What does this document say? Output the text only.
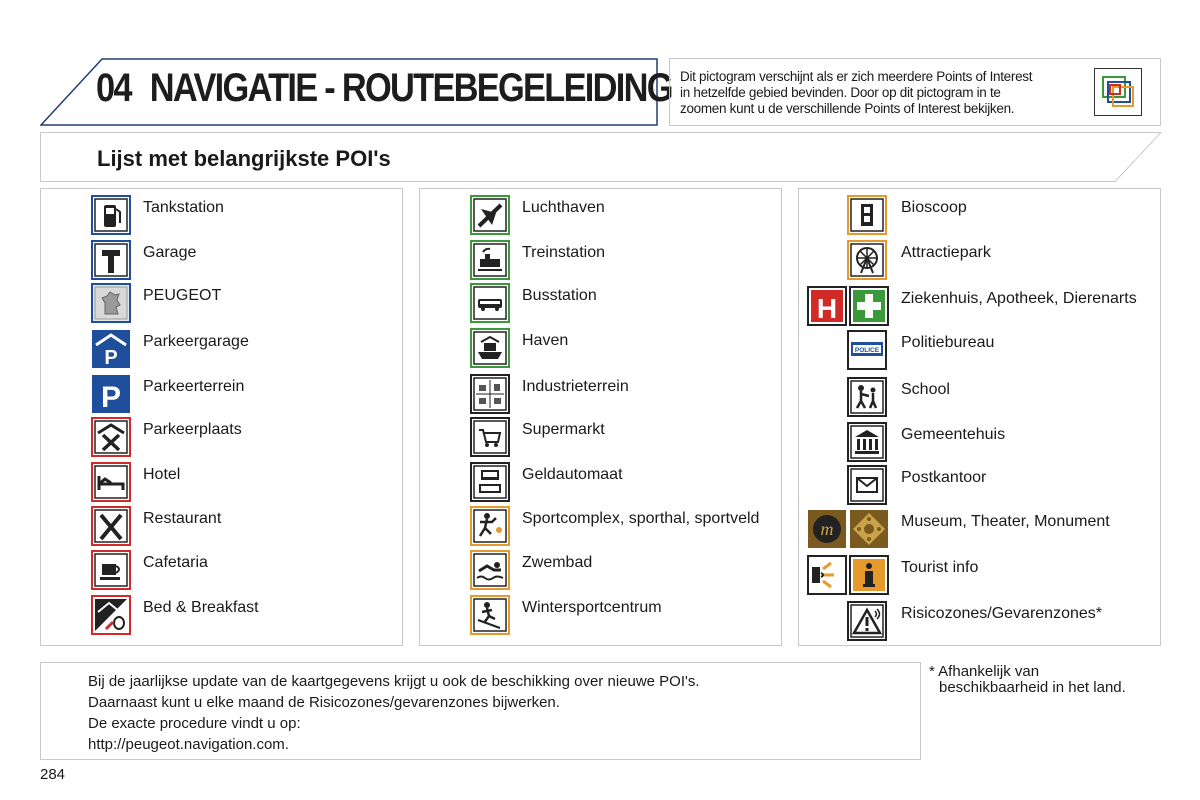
04 NAVIGATIE - ROUTEBEGELEIDING Dit pictogram verschijnt als er zich meerdere Points of Interest
in hetzelfde gebied bevinden. Door op dit pictogram in te
zoomen kunt u de verschillende Points of Interest bekijken.
Lijst met belangrijkste POI's
Tankstation
Garage
PEUGEOT
P
Parkeergarage
P Parkeerterrein
Parkeerplaats
Hotel
Restaurant
Cafetaria
Bed & Breakfast
Luchthaven
Treinstation
Busstation
Haven
Industrieterrein
Supermarkt
Geldautomaat
Sportcomplex, sporthal, sportveld
Zwembad
Wintersportcentrum
Bioscoop
Attractiepark
H	Ziekenhuis, Apotheek, Dierenarts
POLICE Politiebureau
School
Gemeentehuis
Postkantoor
m	Museum, Theater, Monument
Tourist info
Risicozones/Gevarenzones*

Bij de jaarlijkse update van de kaartgegevens krijgt u ook de beschikking over nieuwe POI's.

Daarnaast kunt u elke maand de Risicozones/gevarenzones bijwerken.

De exacte procedure vindt u op:

http://peugeot.navigation.com.

* Afhankelijk van
beschikbaarheid in het land.
284
